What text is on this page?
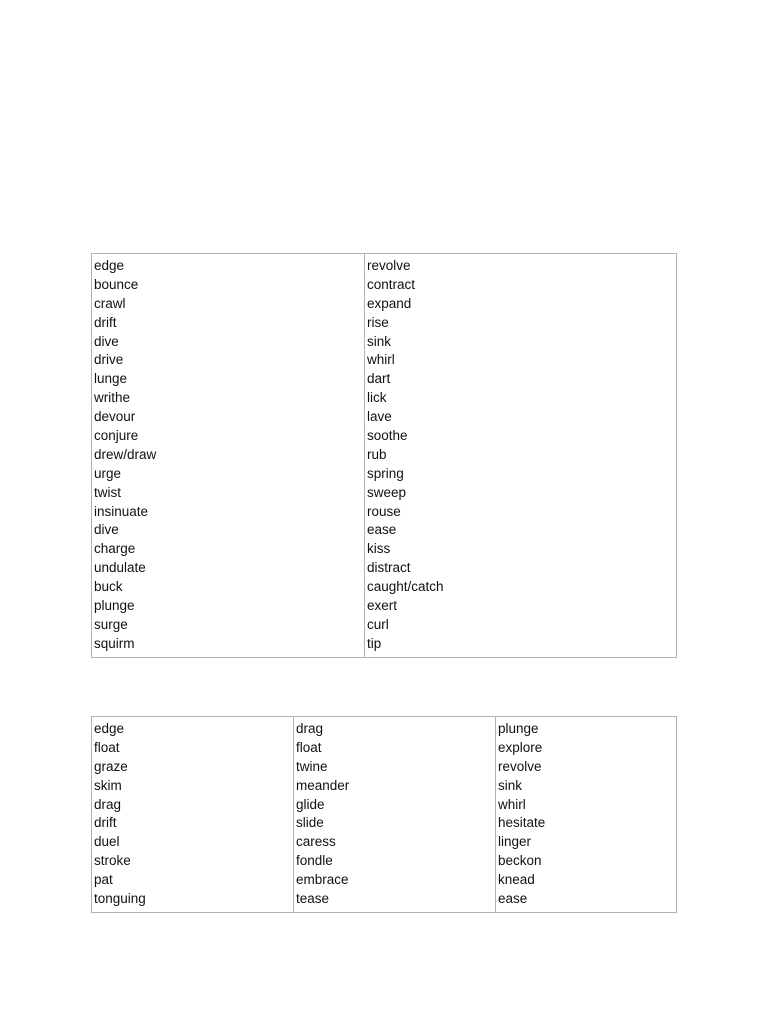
edge
bounce
crawl
drift
dive
drive
lunge
writhe
devour
conjure
drew/draw
urge
twist
insinuate
dive
charge
undulate
buck
plunge
surge
squirm
revolve
contract
expand
rise
sink
whirl
dart
lick
lave
soothe
rub
spring
sweep
rouse
ease
kiss
distract
caught/catch
exert
curl
tip
edge
float
graze
skim
drag
drift
duel
stroke
pat
tonguing
drag
float
twine
meander
glide
slide
caress
fondle
embrace
tease
plunge
explore
revolve
sink
whirl
hesitate
linger
beckon
knead
ease
